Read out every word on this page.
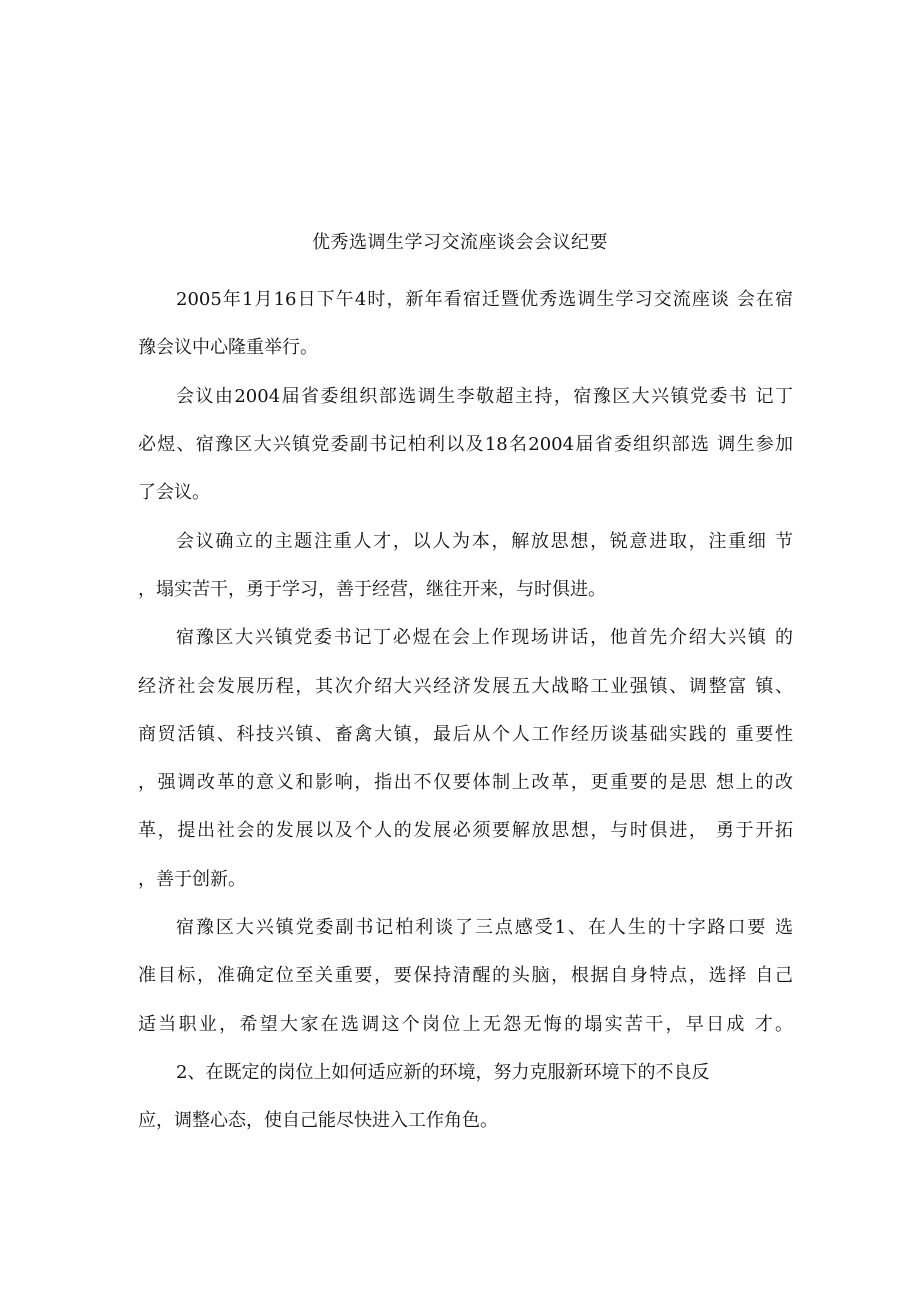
优秀选调生学习交流座谈会会议纪要
2005年1月16日下午4时，新年看宿迁暨优秀选调生学习交流座谈 会在宿
豫会议中心隆重举行。
会议由2004届省委组织部选调生李敬超主持，宿豫区大兴镇党委书 记丁
必煜、宿豫区大兴镇党委副书记柏利以及18名2004届省委组织部选 调生参加
了会议。
会议确立的主题注重人才，以人为本，解放思想，锐意进取，注重细 节
，塌实苦干，勇于学习，善于经营，继往开来，与时俱进。
宿豫区大兴镇党委书记丁必煜在会上作现场讲话，他首先介绍大兴镇 的
经济社会发展历程，其次介绍大兴经济发展五大战略工业强镇、调整富 镇、
商贸活镇、科技兴镇、畜禽大镇，最后从个人工作经历谈基础实践的 重要性
，强调改革的意义和影响，指出不仅要体制上改革，更重要的是思 想上的改
革，提出社会的发展以及个人的发展必须要解放思想，与时俱进， 勇于开拓
，善于创新。
宿豫区大兴镇党委副书记柏利谈了三点感受1、在人生的十字路口要 选
准目标，准确定位至关重要，要保持清醒的头脑，根据自身特点，选择 自己
适当职业，希望大家在选调这个岗位上无怨无悔的塌实苦干，早日成 才。
2、在既定的岗位上如何适应新的环境，努力克服新环境下的不良反
应，调整心态，使自己能尽快进入工作角色。
